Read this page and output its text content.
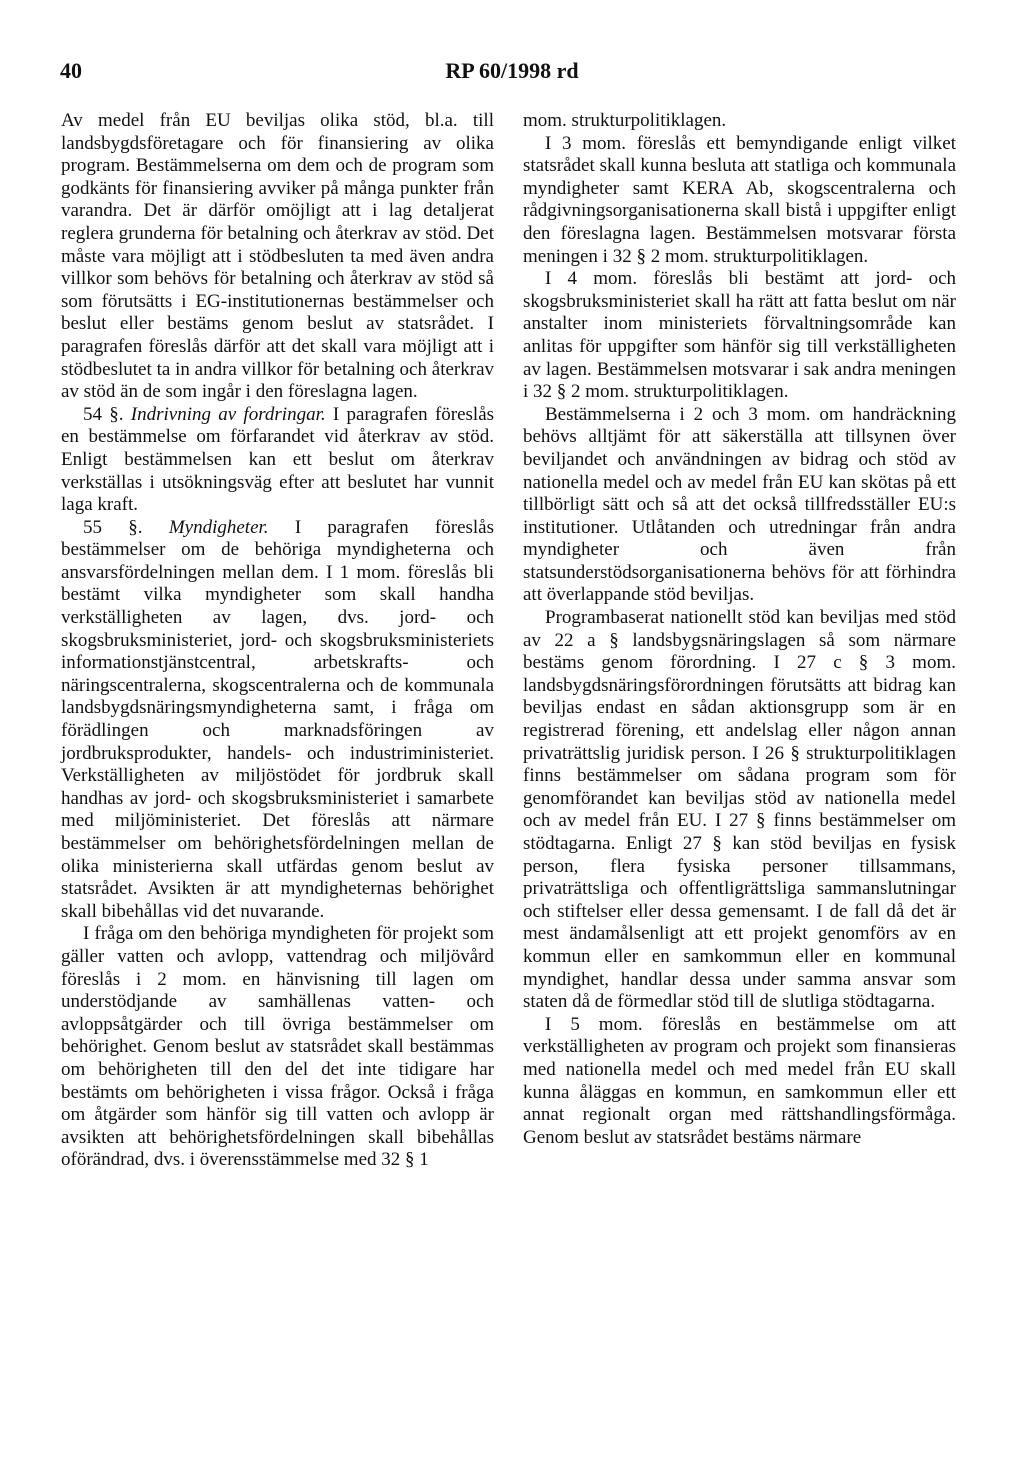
40	RP 60/1998 rd

Av medel från EU beviljas olika stöd, bl.a. till landsbygdsföretagare och för finansiering av olika program. Bestämmelserna om dem och de program som godkänts för finansiering avviker på många punkter från varandra. Det är därför omöjligt att i lag detaljerat reglera grunderna för betalning och återkrav av stöd. Det måste vara möjligt att i stödbesluten ta med även andra villkor som behövs för betalning och återkrav av stöd så som förutsätts i EG-institutionernas bestämmelser och beslut eller bestäms genom beslut av statsrådet. I paragrafen föreslås därför att det skall vara möjligt att i stödbeslutet ta in andra villkor för betalning och återkrav av stöd än de som ingår i den föreslagna lagen.

54 §. Indrivning av fordringar. I paragrafen föreslås en bestämmelse om förfarandet vid återkrav av stöd. Enligt bestämmelsen kan ett beslut om återkrav verkställas i utsökningsväg efter att beslutet har vunnit laga kraft.

55 §. Myndigheter. I paragrafen föreslås bestämmelser om de behöriga myndigheterna och ansvarsfördelningen mellan dem. I 1 mom. föreslås bli bestämt vilka myndigheter som skall handha verkställigheten av lagen, dvs. jord- och skogsbruksministeriet, jord- och skogsbruksministeriets informationstjänstcentral, arbetskrafts- och näringscentralerna, skogscentralerna och de kommunala landsbygdsnäringsmyndigheterna samt, i fråga om förädlingen och marknadsföringen av jordbruksprodukter, handels- och industriministeriet. Verkställigheten av miljöstödet för jordbruk skall handhas av jord- och skogsbruksministeriet i samarbete med miljöministeriet. Det föreslås att närmare bestämmelser om behörighetsfördelningen mellan de olika ministerierna skall utfärdas genom beslut av statsrådet. Avsikten är att myndigheternas behörighet skall bibehållas vid det nuvarande.

I fråga om den behöriga myndigheten för projekt som gäller vatten och avlopp, vattendrag och miljövård föreslås i 2 mom. en hänvisning till lagen om understödjande av samhällenas vatten- och avloppsåtgärder och till övriga bestämmelser om behörighet. Genom beslut av statsrådet skall bestämmas om behörigheten till den del det inte tidigare har bestämts om behörigheten i vissa frågor. Också i fråga om åtgärder som hänför sig till vatten och avlopp är avsikten att behörighetsfördelningen skall bibehållas oförändrad, dvs. i överensstämmelse med 32 § 1

mom. strukturpolitiklagen.

I 3 mom. föreslås ett bemyndigande enligt vilket statsrådet skall kunna besluta att statliga och kommunala myndigheter samt KERA Ab, skogscentralerna och rådgivningsorganisationerna skall bistå i uppgifter enligt den föreslagna lagen. Bestämmelsen motsvarar första meningen i 32 § 2 mom. strukturpolitiklagen.

I 4 mom. föreslås bli bestämt att jord- och skogsbruksministeriet skall ha rätt att fatta beslut om när anstalter inom ministeriets förvaltningsområde kan anlitas för uppgifter som hänför sig till verkställigheten av lagen. Bestämmelsen motsvarar i sak andra meningen i 32 § 2 mom. strukturpolitiklagen.

Bestämmelserna i 2 och 3 mom. om handräckning behövs alltjämt för att säkerställa att tillsynen över beviljandet och användningen av bidrag och stöd av nationella medel och av medel från EU kan skötas på ett tillbörligt sätt och så att det också tillfredsställer EU:s institutioner. Utlåtanden och utredningar från andra myndigheter och även från statsunderstödsorganisationerna behövs för att förhindra att överlappande stöd beviljas.

Programbaserat nationellt stöd kan beviljas med stöd av 22 a § landsbygsnäringslagen så som närmare bestäms genom förordning. I 27 c § 3 mom. landsbygdsnäringsförordningen förutsätts att bidrag kan beviljas endast en sådan aktionsgrupp som är en registrerad förening, ett andelslag eller någon annan privaträttslig juridisk person. I 26 § strukturpolitiklagen finns bestämmelser om sådana program som för genomförandet kan beviljas stöd av nationella medel och av medel från EU. I 27 § finns bestämmelser om stödtagarna. Enligt 27 § kan stöd beviljas en fysisk person, flera fysiska personer tillsammans, privaträttsliga och offentligrättsliga sammanslutningar och stiftelser eller dessa gemensamt. I de fall då det är mest ändamålsenligt att ett projekt genomförs av en kommun eller en samkommun eller en kommunal myndighet, handlar dessa under samma ansvar som staten då de förmedlar stöd till de slutliga stödtagarna.

I 5 mom. föreslås en bestämmelse om att verkställigheten av program och projekt som finansieras med nationella medel och med medel från EU skall kunna åläggas en kommun, en samkommun eller ett annat regionalt organ med rättshandlingsförmåga. Genom beslut av statsrådet bestäms närmare
